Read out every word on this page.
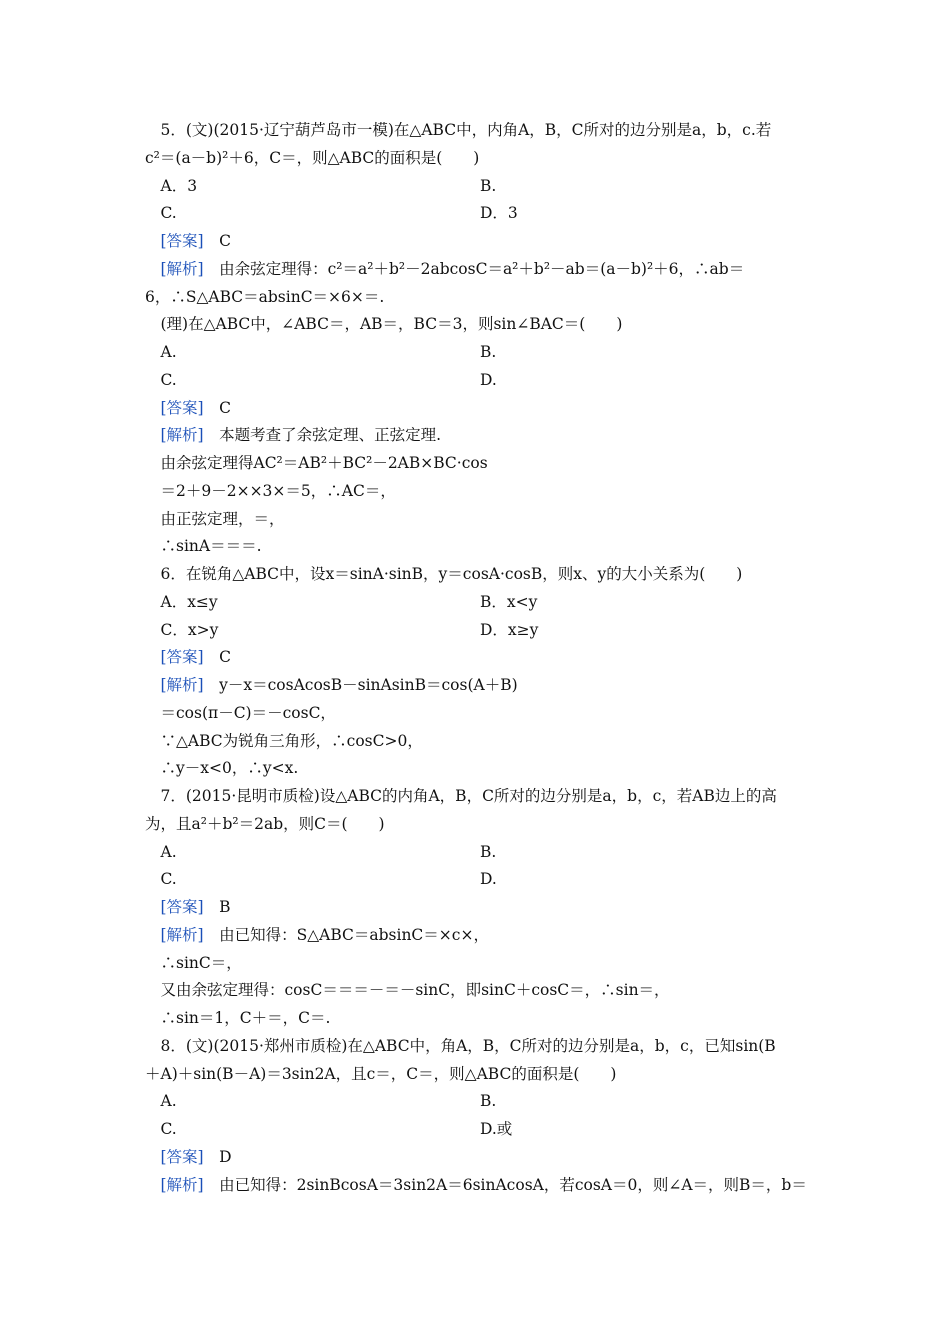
　5．(文)(2015·辽宁葫芦岛市一模)在△ABC中，内角A，B，C所对的边分别是a，b，c.若
c²＝(a－b)²＋6，C＝，则△ABC的面积是(　　)
　A．3	B.
　C.	D．3
　[答案]　C
　[解析]　由余弦定理得：c²＝a²＋b²－2abcosC＝a²＋b²－ab＝(a－b)²＋6，∴ab＝
6，∴S△ABC＝absinC＝×6×＝.
　(理)在△ABC中，∠ABC＝，AB＝，BC＝3，则sin∠BAC＝(　　)
　A.	B.
　C.	D.
　[答案]　C
　[解析]　本题考查了余弦定理、正弦定理.
　由余弦定理得AC²＝AB²＋BC²－2AB×BC·cos
　＝2＋9－2××3×＝5，∴AC＝，
　由正弦定理，＝，
　∴sinA＝＝＝.
　6．在锐角△ABC中，设x＝sinA·sinB，y＝cosA·cosB，则x、y的大小关系为(　　)
　A．x≤y	B．x<y
　C．x>y	D．x≥y
　[答案]　C
　[解析]　y－x＝cosAcosB－sinAsinB＝cos(A＋B)
　＝cos(π－C)＝－cosC，
　∵△ABC为锐角三角形，∴cosC>0，
　∴y－x<0，∴y<x.
　7．(2015·昆明市质检)设△ABC的内角A，B，C所对的边分别是a，b，c，若AB边上的高
为，且a²＋b²＝2ab，则C＝(　　)
　A.	B.
　C.	D.
　[答案]　B
　[解析]　由已知得：S△ABC＝absinC＝×c×，
　∴sinC＝，
　又由余弦定理得：cosC＝＝＝－＝－sinC，即sinC＋cosC＝，∴sin＝，
　∴sin＝1，C＋＝，C＝.
　8．(文)(2015·郑州市质检)在△ABC中，角A，B，C所对的边分别是a，b，c，已知sin(B
＋A)＋sin(B－A)＝3sin2A，且c＝，C＝，则△ABC的面积是(　　)
　A.	B.
　C.	D.或
　[答案]　D
　[解析]　由已知得：2sinBcosA＝3sin2A＝6sinAcosA，若cosA＝0，则∠A＝，则B＝，b＝
